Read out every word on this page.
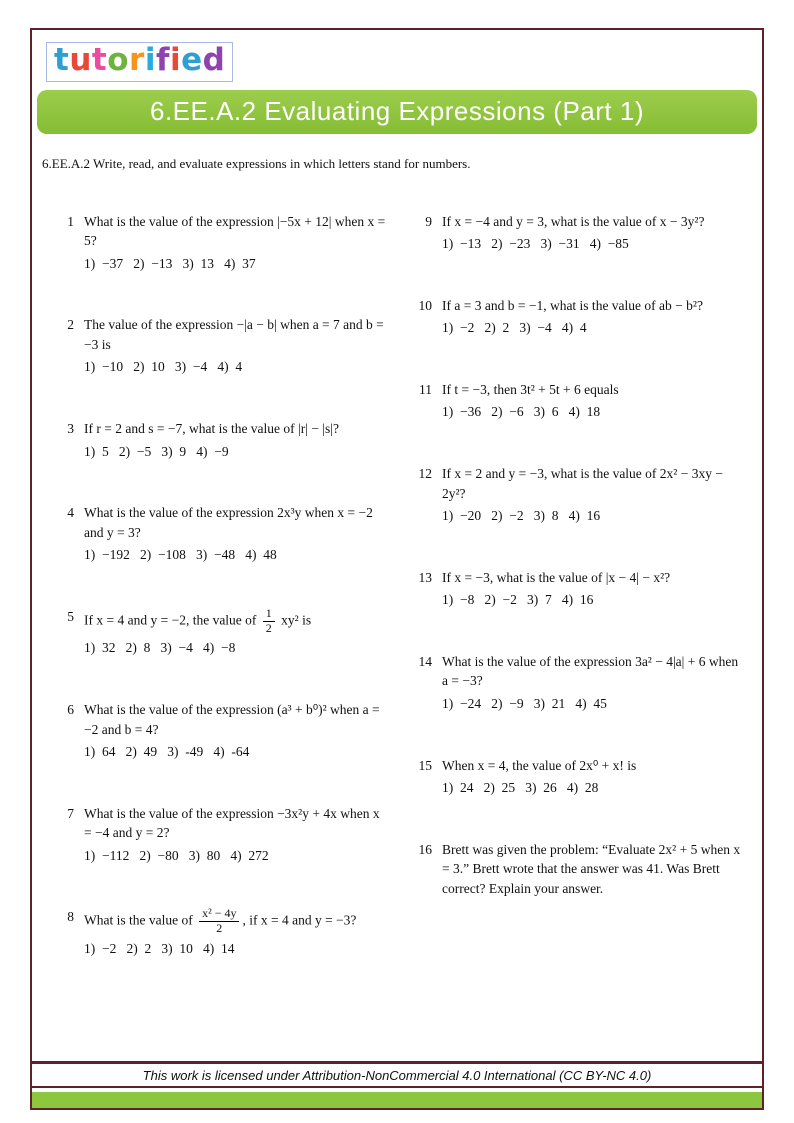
tutorified
6.EE.A.2 Evaluating Expressions (Part 1)
6.EE.A.2 Write, read, and evaluate expressions in which letters stand for numbers.
1 What is the value of the expression |−5x + 12| when x = 5?
1)  −37   2)  −13   3)  13   4)  37
2 The value of the expression −|a − b| when a = 7 and b = −3 is
1)  −10   2)  10   3)  −4   4)  4
3 If r = 2 and s = −7, what is the value of |r| − |s|?
1)  5   2)  −5   3)  9   4)  −9
4 What is the value of the expression 2x³y when x = −2 and y = 3?
1)  −192   2)  −108   3)  −48   4)  48
5 If x = 4 and y = −2, the value of $\frac{1}{2} xy^2$ is
1)  32   2)  8   3)  −4   4)  −8
6 What is the value of the expression (a³ + b⁰)² when a = −2 and b = 4?
1)  64   2)  49   3)  -49   4)  -64
7 What is the value of the expression −3x²y + 4x when x = −4 and y = 2?
1)  −112   2)  −80   3)  80   4)  272
8 What is the value of $\frac{\text{x² − 4y}}{2}$ , if x = 4 and y = −3?
1)  −2   2)  2   3)  10   4)  14
9 If x = −4 and y = 3, what is the value of x − 3y²?
1)  −13   2)  −23   3)  −31   4)  −85
10 If a = 3 and b = −1, what is the value of ab − b²?
1)  −2   2)  2   3)  −4   4)  4
11 If t = −3, then 3t² + 5t + 6 equals
1)  −36   2)  −6   3)  6   4)  18
12 If x = 2 and y = −3, what is the value of 2x² − 3xy − 2y²?
1)  −20   2)  −2   3)  8   4)  16
13 If x = −3, what is the value of |x − 4| − x²?
1)  −8   2)  −2   3)  7   4)  16
14 What is the value of the expression 3a² − 4|a| + 6 when a = −3?
1)  −24   2)  −9   3)  21   4)  45
15 When x = 4, the value of 2x⁰ + x! is
1)  24   2)  25   3)  26   4)  28
16 Brett was given the problem: “Evaluate 2x² + 5 when x = 3.” Brett wrote that the answer was 41. Was Brett correct? Explain your answer.
This work is licensed under Attribution-NonCommercial 4.0 International (CC BY-NC 4.0)
